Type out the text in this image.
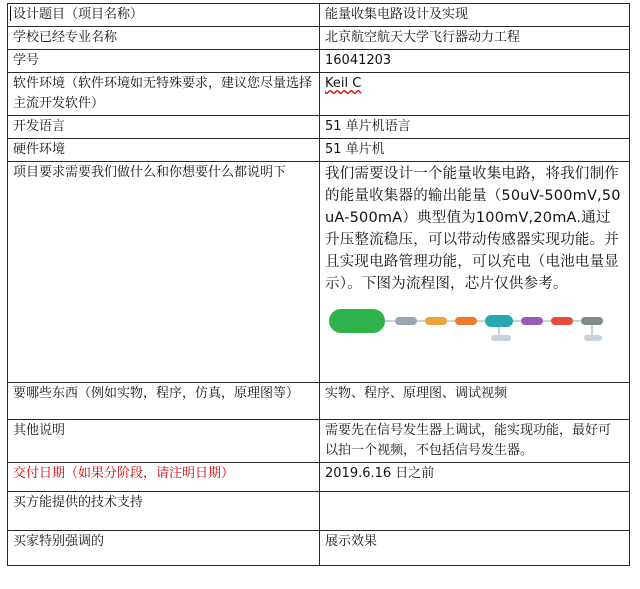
设计题目（项目名称）	能量收集电路设计及实现
学校已经专业名称	北京航空航天大学飞行器动力工程
学号	16041203
软件环境（软件环境如无特殊要求，建议您尽量选择主流开发软件）	Keil C
开发语言	51 单片机语言
硬件环境	51 单片机
项目要求需要我们做什么和你想要什么都说明下	我们需要设计一个能量收集电路，将我们制作的能量收集器的输出能量（50uV-500mV,50uA-500mA）典型值为100mV,20mA.通过升压整流稳压，可以带动传感器实现功能。并且实现电路管理功能，可以充电（电池电量显示）。下图为流程图，芯片仅供参考。

要哪些东西（例如实物，程序，仿真，原理图等）	实物、程序、原理图、调试视频
其他说明	需要先在信号发生器上调试，能实现功能，最好可以拍一个视频，不包括信号发生器。
交付日期（如果分阶段，请注明日期）	2019.6.16 日之前
买方能提供的技术支持	
买家特别强调的	展示效果
